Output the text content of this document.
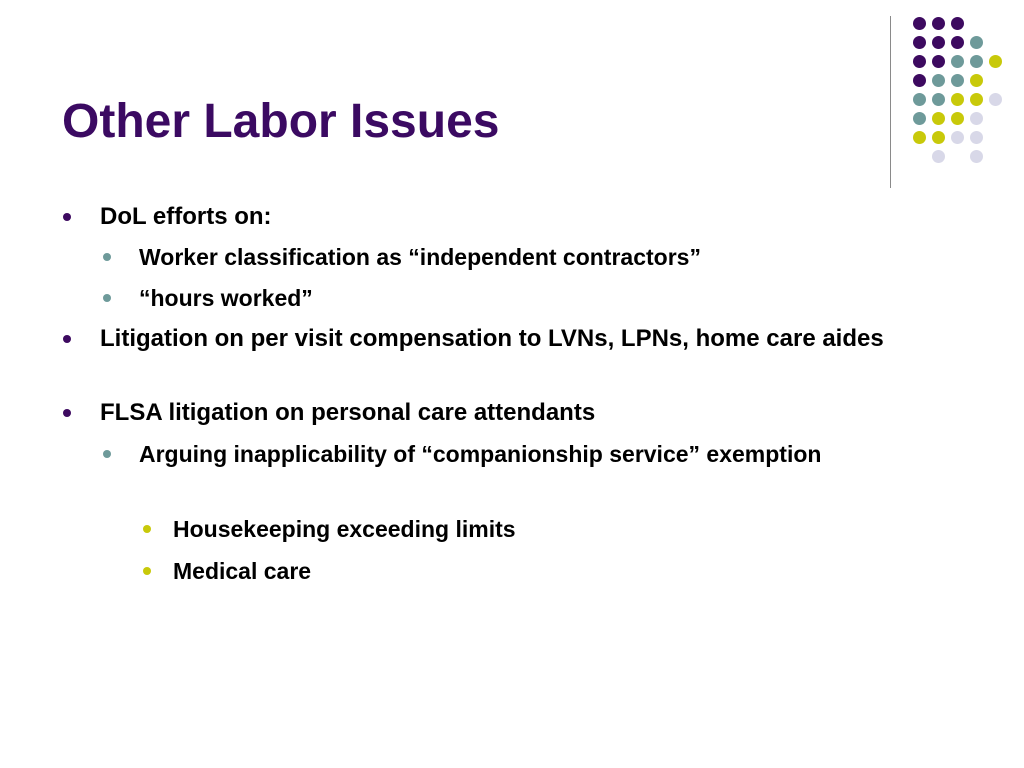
Other Labor Issues
DoL efforts on:
Worker classification as “independent contractors”
“hours worked”
Litigation on per visit compensation to LVNs, LPNs, home care aides
FLSA litigation on personal care attendants
Arguing inapplicability of “companionship service” exemption
Housekeeping exceeding limits
Medical care
